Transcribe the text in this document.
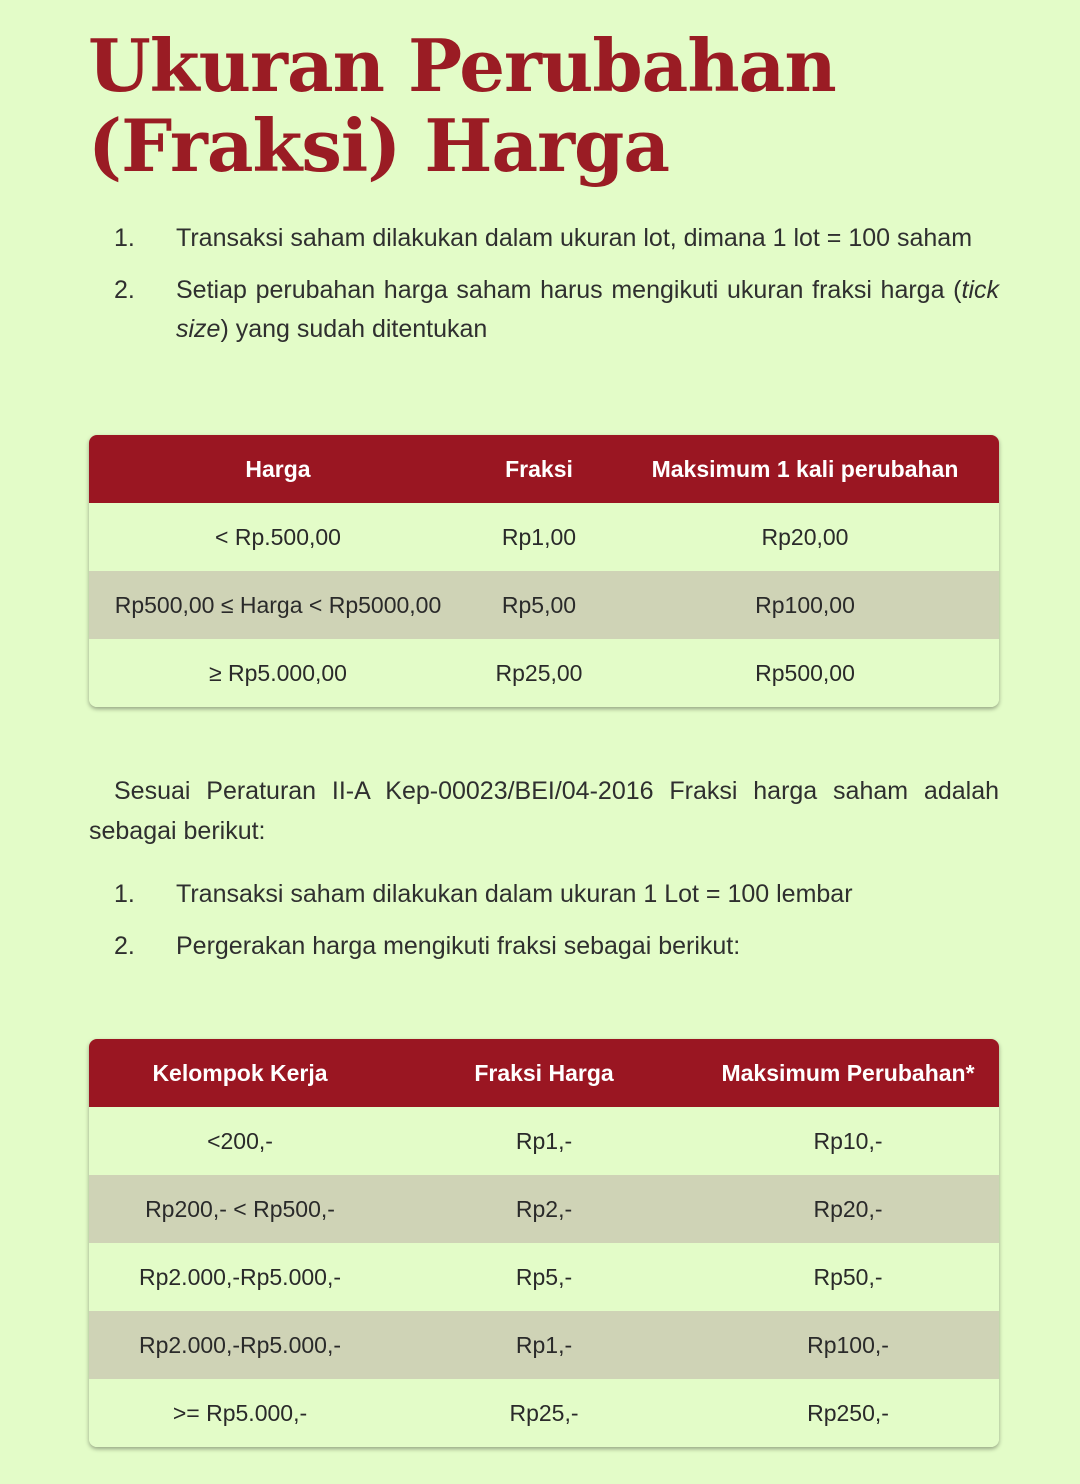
Ukuran Perubahan
(Fraksi) Harga
1. Transaksi saham dilakukan dalam ukuran lot, dimana 1 lot = 100 saham
2. Setiap perubahan harga saham harus mengikuti ukuran fraksi harga (tick size) yang sudah ditentukan
Harga	Fraksi	Maksimum 1 kali perubahan
< Rp.500,00	Rp1,00	Rp20,00
Rp500,00 ≤ Harga < Rp5000,00	Rp5,00	Rp100,00
≥ Rp5.000,00	Rp25,00	Rp500,00

Sesuai Peraturan II-A Kep-00023/BEI/04-2016 Fraksi harga saham adalah sebagai berikut:

1. Transaksi saham dilakukan dalam ukuran 1 Lot = 100 lembar
2. Pergerakan harga mengikuti fraksi sebagai berikut:
Kelompok Kerja	Fraksi Harga	Maksimum Perubahan*
<200,-	Rp1,-	Rp10,-
Rp200,- < Rp500,-	Rp2,-	Rp20,-
Rp2.000,-Rp5.000,-	Rp5,-	Rp50,-
Rp2.000,-Rp5.000,-	Rp1,-	Rp100,-
>= Rp5.000,-	Rp25,-	Rp250,-
